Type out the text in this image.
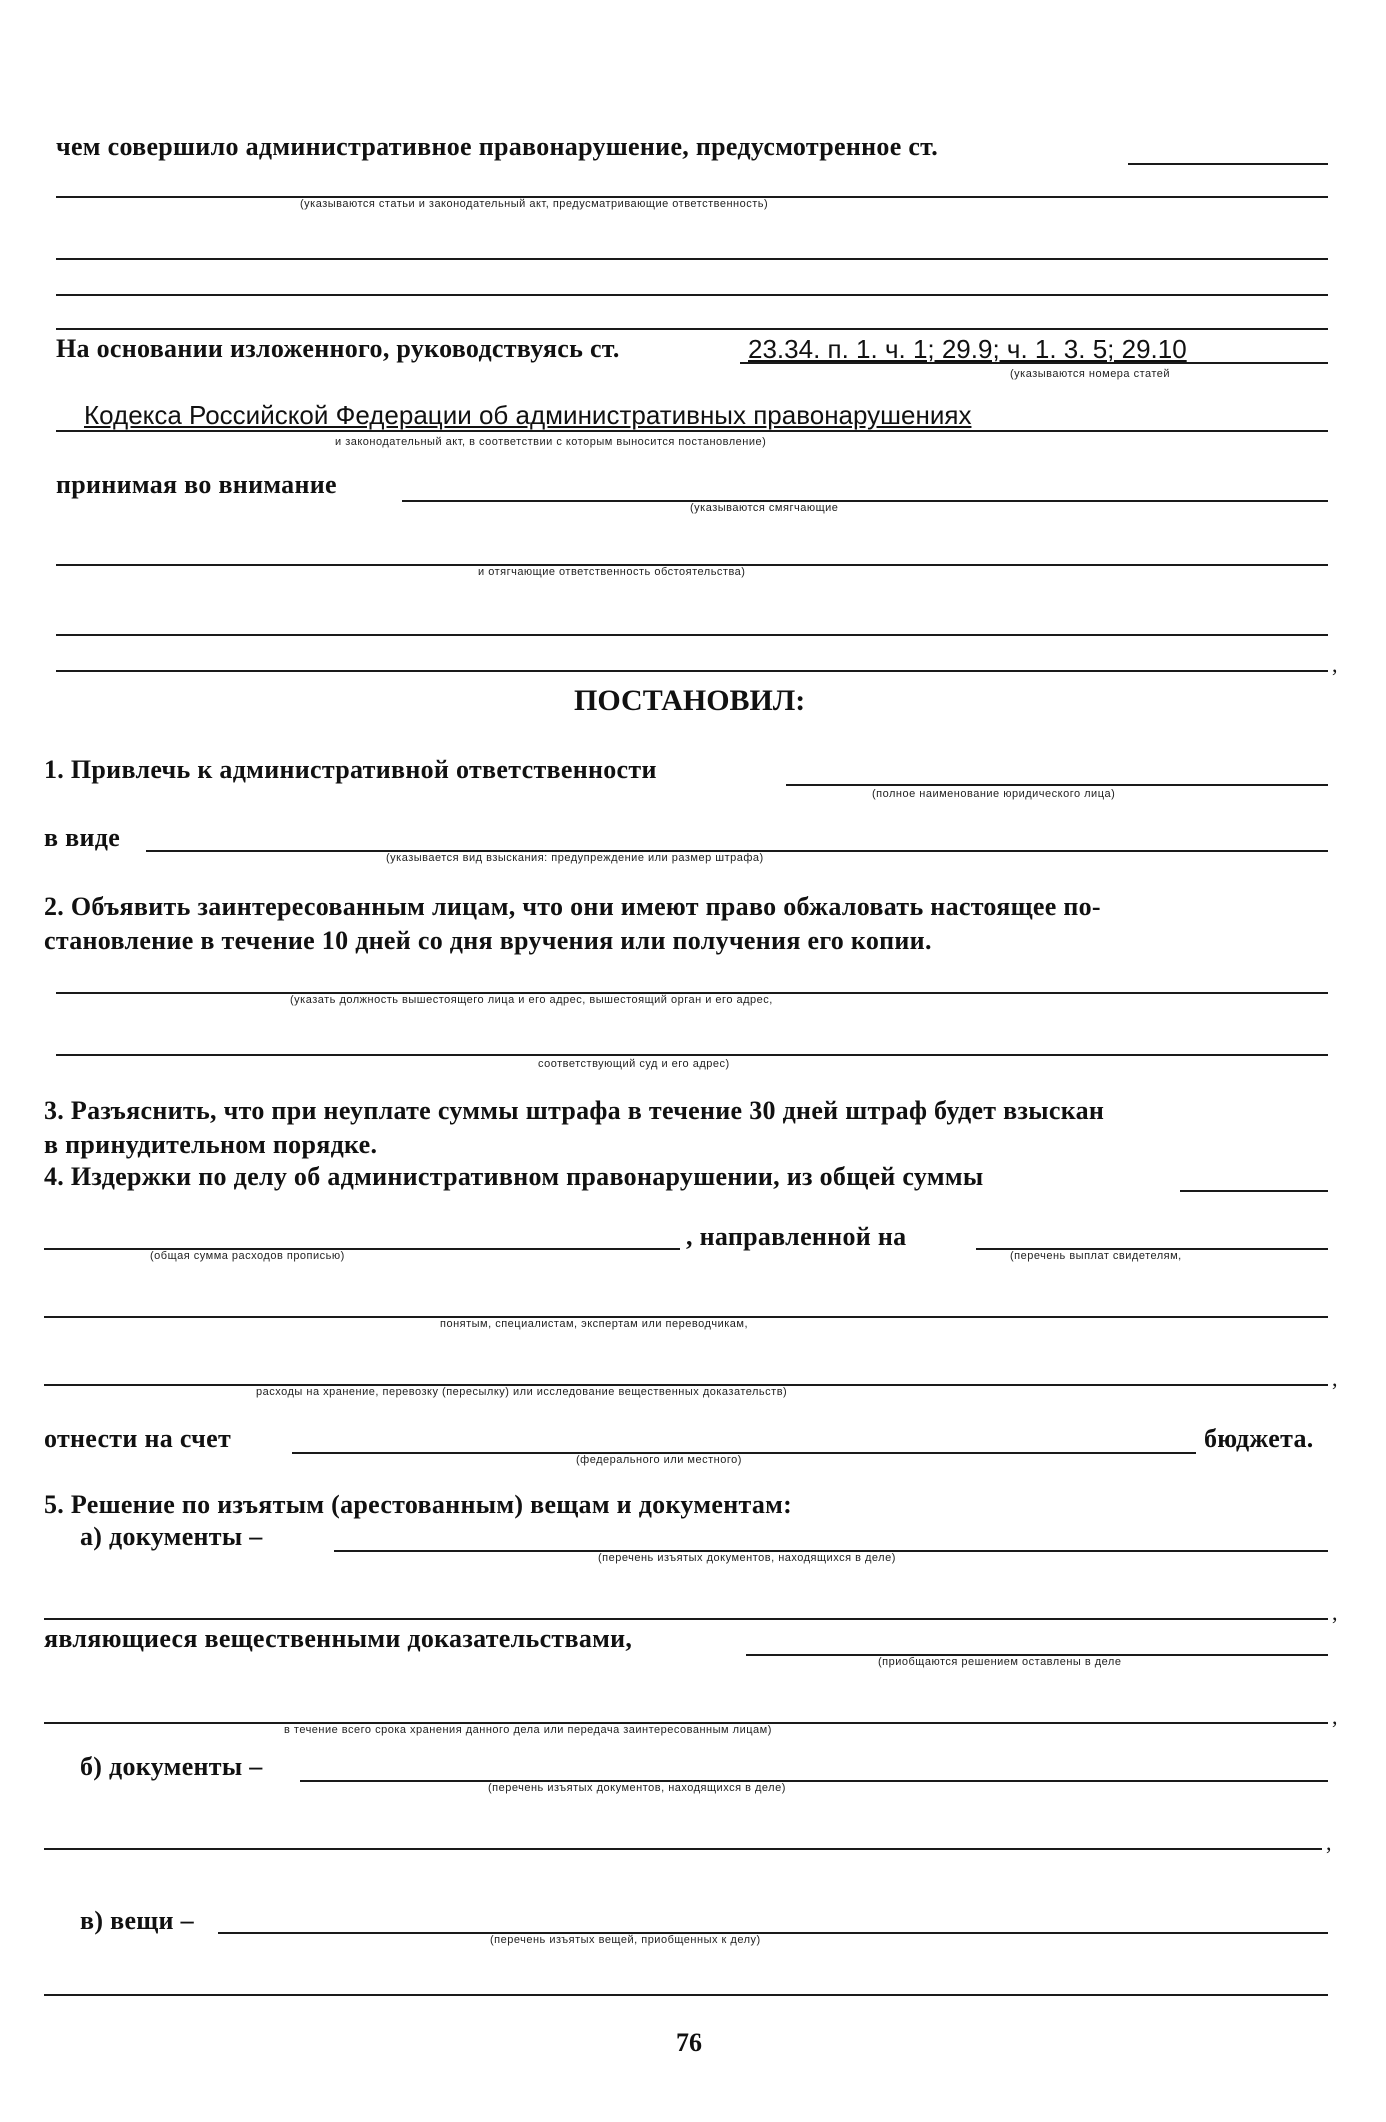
чем совершило административное правонарушение, предусмотренное ст.
(указываются статьи и законодательный акт, предусматривающие ответственность)
На основании изложенного, руководствуясь ст.	23.34. п. 1. ч. 1; 29.9; ч. 1. 3. 5; 29.10
(указываются номера статей
Кодекса Российской Федерации об административных правонарушениях
и законодательный акт, в соответствии с которым выносится постановление)
принимая во внимание
(указываются смягчающие
и отягчающие ответственность обстоятельства)
,
ПОСТАНОВИЛ:
1. Привлечь к административной ответственности
(полное наименование юридического лица)
в виде
(указывается вид взыскания: предупреждение или размер штрафа)
2. Объявить заинтересованным лицам, что они имеют право обжаловать настоящее по-
становление в течение 10 дней со дня вручения или получения его копии.
(указать должность вышестоящего лица и его адрес, вышестоящий орган и его адрес,
соответствующий суд и его адрес)
3. Разъяснить, что при неуплате суммы штрафа в течение 30 дней штраф будет взыскан
в принудительном порядке.
4. Издержки по делу об административном правонарушении, из общей суммы
, направленной на
(общая сумма расходов прописью)	(перечень выплат свидетелям,
понятым, специалистам, экспертам или переводчикам,
,
расходы на хранение, перевозку (пересылку) или исследование вещественных доказательств)
отнести на счет
(федерального или местного)
бюджета.
5. Решение по изъятым (арестованным) вещам и документам:
а) документы –
(перечень изъятых документов, находящихся в деле)
,
являющиеся вещественными доказательствами,
(приобщаются решением оставлены в деле
,
в течение всего срока хранения данного дела или передача заинтересованным лицам)
б) документы –
(перечень изъятых документов, находящихся в деле)
,
в) вещи –
(перечень изъятых вещей, приобщенных к делу)
76
